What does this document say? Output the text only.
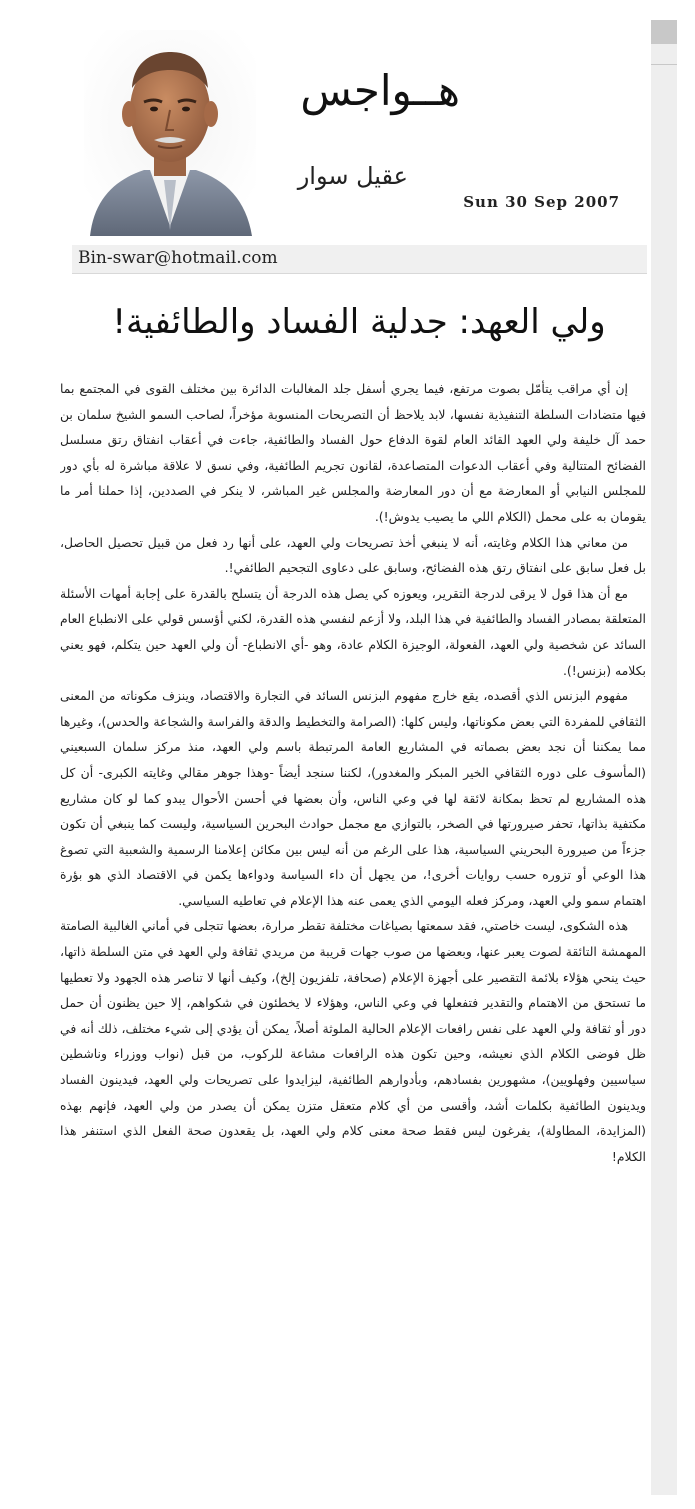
هــواجس
عقيل سوار
Sun 30 Sep 2007
Bin-swar@hotmail.com
ولي العهد: جدلية الفساد والطائفية!

إن أي مراقب يتأمّل بصوت مرتفع، فيما يجري أسفل جلد المغالبات الدائرة بين مختلف القوى في المجتمع بما فيها متضادات السلطة التنفيذية نفسها، لابد يلاحظ أن التصريحات المنسوبة مؤخراً، لصاحب السمو الشيخ سلمان بن حمد آل خليفة ولي العهد القائد العام لقوة الدفاع حول الفساد والطائفية، جاءت في أعقاب انفتاق رتق مسلسل الفضائح المتتالية وفي أعقاب الدعوات المتصاعدة، لقانون تجريم الطائفية، وفي نسق لا علاقة مباشرة له بأي دور للمجلس النيابي أو المعارضة مع أن دور المعارضة والمجلس غير المباشر، لا ينكر في الصددين، إذا حملنا أمر ما يقومان به على محمل (الكلام اللي ما يصيب يدوش!).

من معاني هذا الكلام وغايته، أنه لا ينبغي أخذ تصريحات ولي العهد، على أنها رد فعل من قبيل تحصيل الحاصل، بل فعل سابق على انفتاق رتق هذه الفضائح، وسابق على دعاوى التجحيم الطائفي!.

مع أن هذا قول لا يرقى لدرجة التقرير، ويعوزه كي يصل هذه الدرجة أن يتسلح بالقدرة على إجابة أمهات الأسئلة المتعلقة بمصادر الفساد والطائفية في هذا البلد، ولا أزعم لنفسي هذه القدرة، لكني أؤسس قولي على الانطباع العام السائد عن شخصية ولي العهد، الفعولة، الوجيزة الكلام عادة، وهو -أي الانطباع- أن ولي العهد حين يتكلم، فهو يعني بكلامه (بزنس!).

مفهوم البزنس الذي أقصده، يقع خارج مفهوم البزنس السائد في التجارة والاقتصاد، وينزف مكوناته من المعنى الثقافي للمفردة التي بعض مكوناتها، وليس كلها: (الصرامة والتخطيط والدقة والفراسة والشجاعة والحدس)، وغيرها مما يمكننا أن نجد بعض بصماته في المشاريع العامة المرتبطة باسم ولي العهد، منذ مركز سلمان السبعيني (المأسوف على دوره الثقافي الخير المبكر والمغدور)، لكننا سنجد أيضاً -وهذا جوهر مقالي وغايته الكبرى- أن كل هذه المشاريع لم تحظ بمكانة لائقة لها في وعي الناس، وأن بعضها في أحسن الأحوال يبدو كما لو كان مشاريع مكتفية بذاتها، تحفر صيرورتها في الصخر، بالتوازي مع مجمل حوادث البحرين السياسية، وليست كما ينبغي أن تكون جزءاً من صيرورة البحريني السياسية، هذا على الرغم من أنه ليس بين مكائن إعلامنا الرسمية والشعبية التي تصوغ هذا الوعي أو تزوره حسب روايات أخرى!، من يجهل أن داء السياسة ودواءها يكمن في الاقتصاد الذي هو بؤرة اهتمام سمو ولي العهد، ومركز فعله اليومي الذي يعمى عنه هذا الإعلام في تعاطيه السياسي.

هذه الشكوى، ليست خاصتي، فقد سمعتها بصياغات مختلفة تقطر مرارة، بعضها تتجلى في أماني الغالبية الصامتة المهمشة التائقة لصوت يعبر عنها، وبعضها من صوب جهات قريبة من مريدي ثقافة ولي العهد في متن السلطة ذاتها، حيث ينحي هؤلاء بلائمة التقصير على أجهزة الإعلام (صحافة، تلفزيون إلخ)، وكيف أنها لا تناصر هذه الجهود ولا تعطيها ما تستحق من الاهتمام والتقدير فتفعلها في وعي الناس، وهؤلاء لا يخطئون في شكواهم، إلا حين يظنون أن حمل دور أو ثقافة ولي العهد على نفس رافعات الإعلام الحالية الملوثة أصلاً، يمكن أن يؤدي إلى شيء مختلف، ذلك أنه في ظل فوضى الكلام الذي نعيشه، وحين تكون هذه الرافعات مشاعة للركوب، من قبل (نواب ووزراء وناشطين سياسيين وفهلويين)، مشهورين بفسادهم، وبأدوارهم الطائفية، ليزايدوا على تصريحات ولي العهد، فيدينون الفساد ويدينون الطائفية بكلمات أشد، وأقسى من أي كلام متعقل متزن يمكن أن يصدر من ولي العهد، فإنهم بهذه (المزايدة، المطاولة)، يفرغون ليس فقط صحة معنى كلام ولي العهد، بل يقعدون صحة الفعل الذي استنفر هذا الكلام!
